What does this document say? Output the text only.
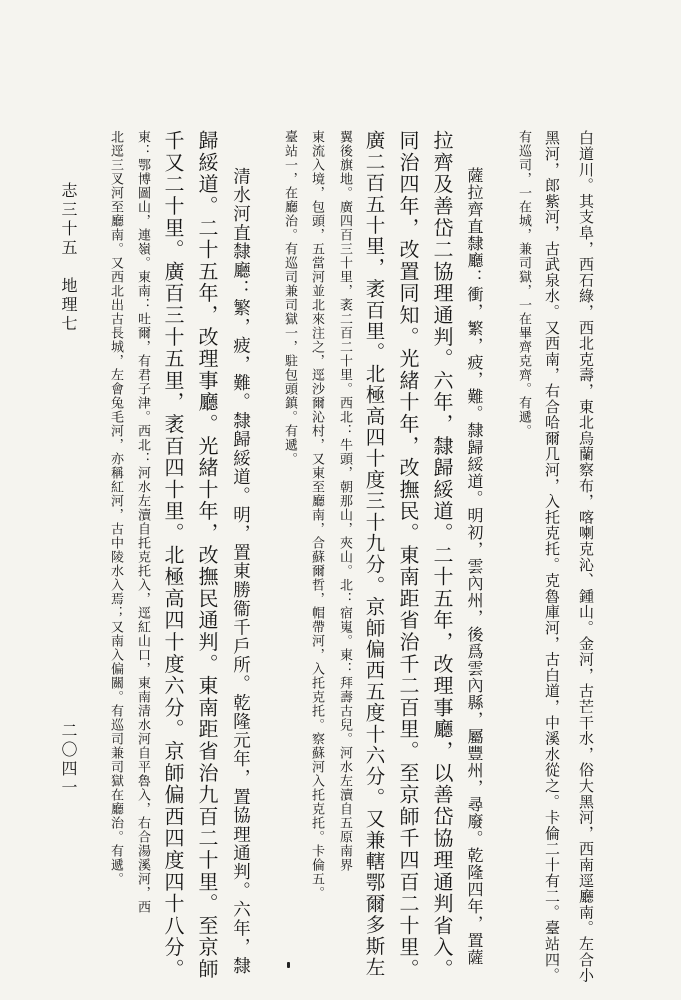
白道川。其支阜，西石綠，西北克壽，東北烏蘭察布，喀喇克沁、鍾山。金河，古芒干水，俗大黑河，西南逕廳南。左合小
黑河，郎紫河，古武泉水。又西南，右合哈爾几河，入托克托。克魯庫河，古白道，中溪水從之。卡倫二十有二。臺站四。
有巡司，一在城，兼司獄，一在畢齊克齊。有遞。
薩拉齊直隸廳：衝，繁，疲，難。隸歸綏道。明初，雲內州，後爲雲內縣，屬豐州，尋廢。乾隆四年，置薩
拉齊及善岱二協理通判。六年，隸歸綏道。二十五年，改理事廳，以善岱協理通判省入。
同治四年，改置同知。光緒十年，改撫民。東南距省治千二百里。至京師千四百二十里。
廣二百五十里，袤百里。北極高四十度三十九分。京師偏西五度十六分。又兼轄鄂爾多斯左
翼後旗地。廣四百三十里，袤二百二十里。西北：牛頭，朝那山，夾山。北：宿嵬。東：拜壽古兒。河水左瀆自五原南界
東流入境，包頭，五當河並北來注之，逕沙爾沁村，又東至廳南，合蘇爾哲，帽帶河，入托克托。察蘇河入托克托。卡倫五。
臺站一，在廳治。有巡司兼司獄一，駐包頭鎮。有遞。
清水河直隸廳：繁，疲，難。隸歸綏道。明，置東勝衞千戶所。乾隆元年，置協理通判。六年，隸
歸綏道。二十五年，改理事廳。光緒十年，改撫民通判。東南距省治九百二十里。至京師
千又二十里。廣百三十五里，袤百四十里。北極高四十度六分。京師偏西四度四十八分。
東：鄂博圖山，連嶺。東南：吐爾，有君子津。西北：河水左瀆自托克托入，逕紅山口，東南清水河自平魯入，右合湯溪河，西
北逕三叉河至廳南。又西北出古長城，左會兔毛河，亦稱紅河，古中陵水入焉；又南入偏關。有巡司兼司獄在廳治。有遞。
志三十五　地理七
二〇四一
